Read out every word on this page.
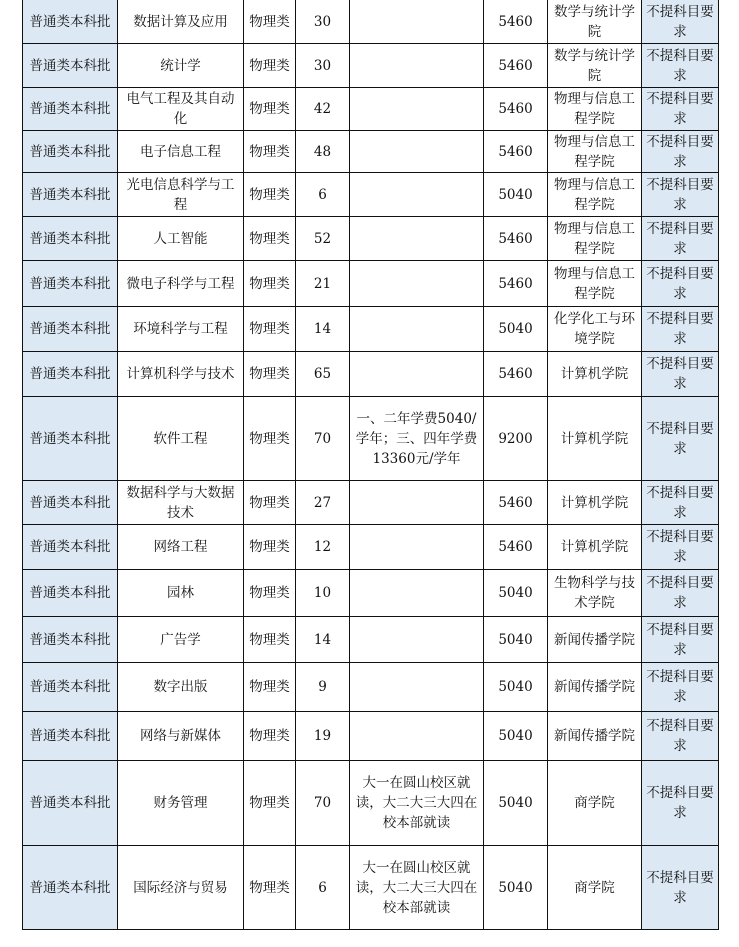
普通类本科批	数据计算及应用	物理类	30		5460	数学与统计学院	不提科目要求
普通类本科批	统计学	物理类	30		5460	数学与统计学院	不提科目要求
普通类本科批	电气工程及其自动化	物理类	42		5460	物理与信息工程学院	不提科目要求
普通类本科批	电子信息工程	物理类	48		5460	物理与信息工程学院	不提科目要求
普通类本科批	光电信息科学与工程	物理类	6		5040	物理与信息工程学院	不提科目要求
普通类本科批	人工智能	物理类	52		5460	物理与信息工程学院	不提科目要求
普通类本科批	微电子科学与工程	物理类	21		5460	物理与信息工程学院	不提科目要求
普通类本科批	环境科学与工程	物理类	14		5040	化学化工与环境学院	不提科目要求
普通类本科批	计算机科学与技术	物理类	65		5460	计算机学院	不提科目要求
普通类本科批	软件工程	物理类	70	一、二年学费5040/学年；三、四年学费13360元/学年	9200	计算机学院	不提科目要求
普通类本科批	数据科学与大数据技术	物理类	27		5460	计算机学院	不提科目要求
普通类本科批	网络工程	物理类	12		5460	计算机学院	不提科目要求
普通类本科批	园林	物理类	10		5040	生物科学与技术学院	不提科目要求
普通类本科批	广告学	物理类	14		5040	新闻传播学院	不提科目要求
普通类本科批	数字出版	物理类	9		5040	新闻传播学院	不提科目要求
普通类本科批	网络与新媒体	物理类	19		5040	新闻传播学院	不提科目要求
普通类本科批	财务管理	物理类	70	大一在圆山校区就读，大二大三大四在校本部就读	5040	商学院	不提科目要求
普通类本科批	国际经济与贸易	物理类	6	大一在圆山校区就读，大二大三大四在校本部就读	5040	商学院	不提科目要求
